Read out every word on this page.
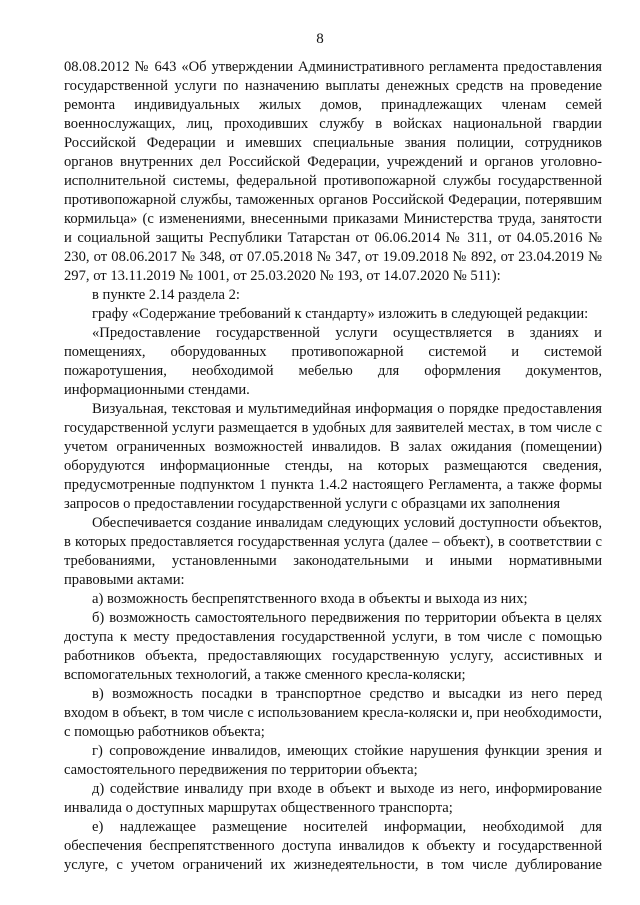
8

08.08.2012 № 643 «Об утверждении Административного регламента предоставления государственной услуги по назначению выплаты денежных средств на проведение ремонта индивидуальных жилых домов, принадлежащих членам семей военнослужащих, лиц, проходивших службу в войсках национальной гвардии Российской Федерации и имевших специальные звания полиции, сотрудников органов внутренних дел Российской Федерации, учреждений и органов уголовно-исполнительной системы, федеральной противопожарной службы государственной противопожарной службы, таможенных органов Российской Федерации, потерявшим кормильца» (с изменениями, внесенными приказами Министерства труда, занятости и социальной защиты Республики Татарстан от 06.06.2014 № 311, от 04.05.2016 № 230, от 08.06.2017 № 348, от 07.05.2018 № 347, от 19.09.2018 № 892, от 23.04.2019 № 297, от 13.11.2019 № 1001, от 25.03.2020 № 193, от 14.07.2020 № 511):

в пункте 2.14 раздела 2:

графу «Содержание требований к стандарту» изложить в следующей редакции:

«Предоставление государственной услуги осуществляется в зданиях и помещениях, оборудованных противопожарной системой и системой пожаротушения, необходимой мебелью для оформления документов, информационными стендами.

Визуальная, текстовая и мультимедийная информация о порядке предоставления государственной услуги размещается в удобных для заявителей местах, в том числе с учетом ограниченных возможностей инвалидов. В залах ожидания (помещении) оборудуются информационные стенды, на которых размещаются сведения, предусмотренные подпунктом 1 пункта 1.4.2 настоящего Регламента, а также формы запросов о предоставлении государственной услуги с образцами их заполнения

Обеспечивается создание инвалидам следующих условий доступности объектов, в которых предоставляется государственная услуга (далее – объект), в соответствии с требованиями, установленными законодательными и иными нормативными правовыми актами:

а) возможность беспрепятственного входа в объекты и выхода из них;

б) возможность самостоятельного передвижения по территории объекта в целях доступа к месту предоставления государственной услуги, в том числе с помощью работников объекта, предоставляющих государственную услугу, ассистивных и вспомогательных технологий, а также сменного кресла-коляски;

в) возможность посадки в транспортное средство и высадки из него перед входом в объект, в том числе с использованием кресла-коляски и, при необходимости, с помощью работников объекта;

г) сопровождение инвалидов, имеющих стойкие нарушения функции зрения и самостоятельного передвижения по территории объекта;

д) содействие инвалиду при входе в объект и выходе из него, информирование инвалида о доступных маршрутах общественного транспорта;

е) надлежащее размещение носителей информации, необходимой для обеспечения беспрепятственного доступа инвалидов к объекту и государственной услуге, с учетом ограничений их жизнедеятельности, в том числе дублирование
